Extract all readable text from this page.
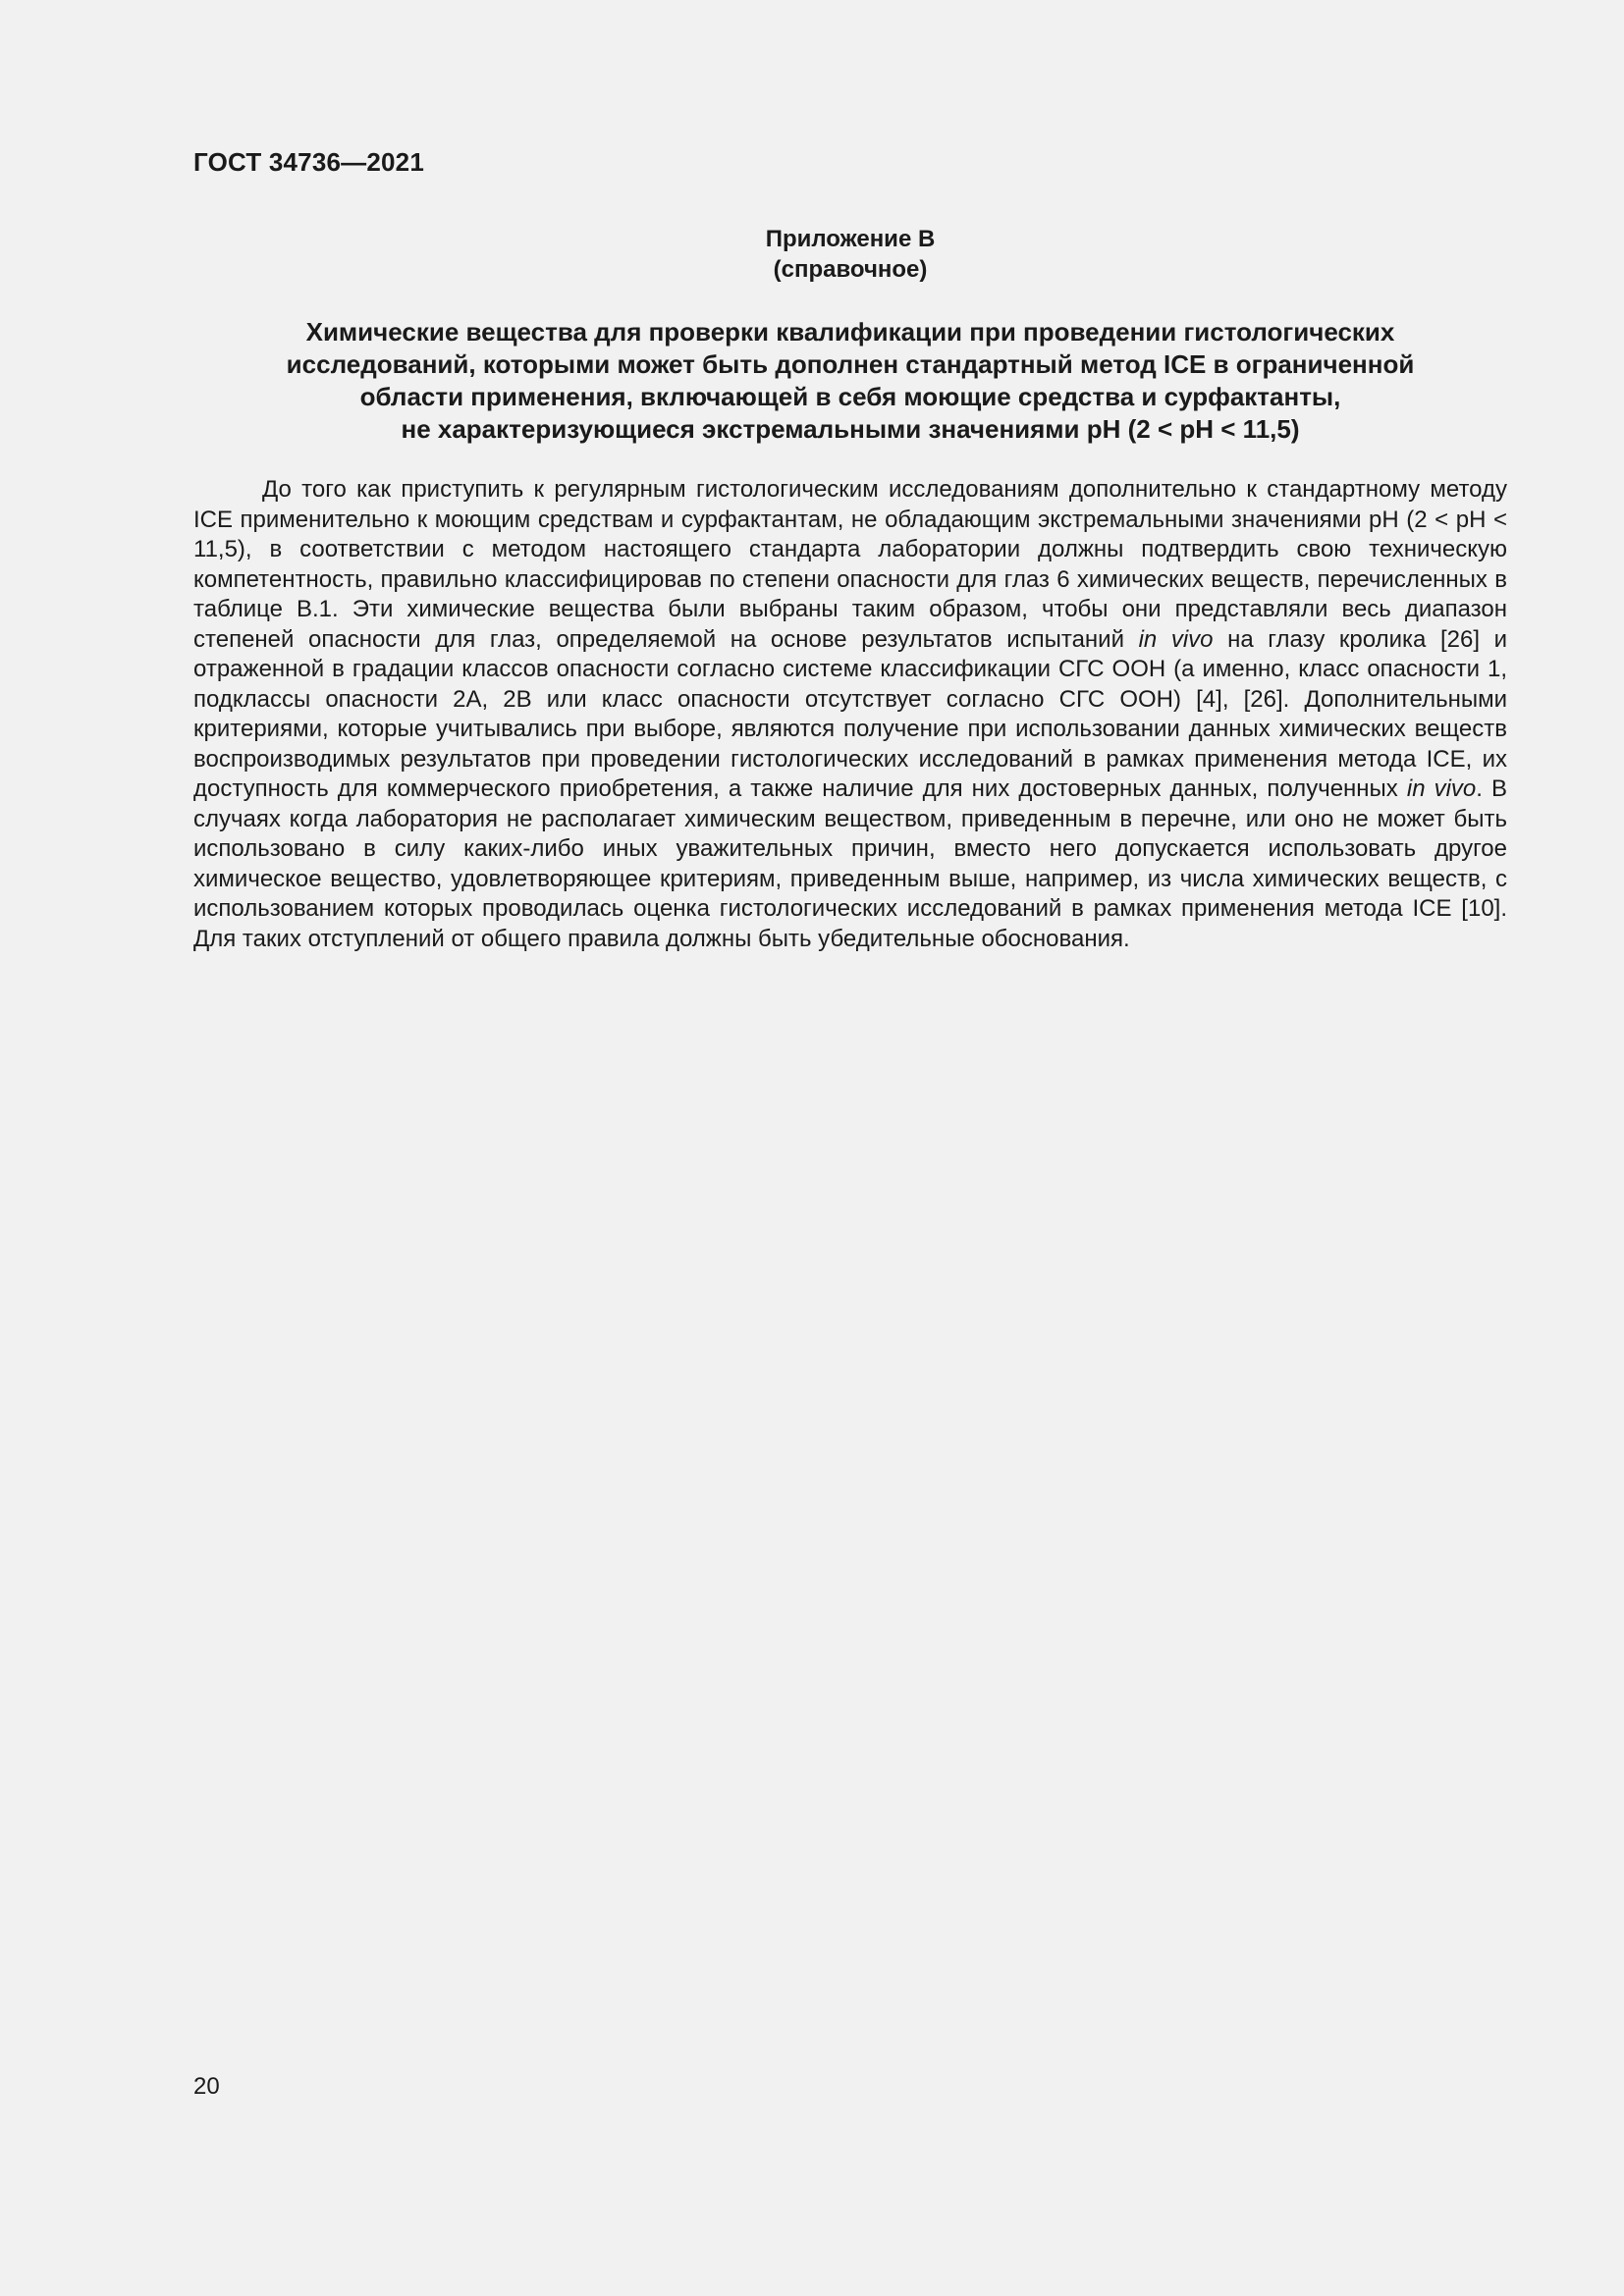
ГОСТ 34736—2021
Приложение В
(справочное)
Химические вещества для проверки квалификации при проведении гистологических
исследований, которыми может быть дополнен стандартный метод ICE в ограниченной
области применения, включающей в себя моющие средства и сурфактанты,
не характеризующиеся экстремальными значениями pH (2 < pH < 11,5)

До того как приступить к регулярным гистологическим исследованиям дополнительно к стандартному методу ICE применительно к моющим средствам и сурфактантам, не обладающим экстремальными значениями pH (2 < pH < 11,5), в соответствии с методом настоящего стандарта лаборатории должны подтвердить свою техническую компетентность, правильно классифицировав по степени опасности для глаз 6 химических веществ, перечисленных в таблице В.1. Эти химические вещества были выбраны таким образом, чтобы они представляли весь диапазон степеней опасности для глаз, определяемой на основе результатов испытаний in vivo на глазу кролика [26] и отраженной в градации классов опасности согласно системе классификации СГС ООН (а именно, класс опасности 1, подклассы опасности 2А, 2В или класс опасности отсутствует согласно СГС ООН) [4], [26]. Дополнительными критериями, которые учитывались при выборе, являются получение при использовании данных химических веществ воспроизводимых результатов при проведении гистологических исследований в рамках применения метода ICE, их доступность для коммерческого приобретения, а также наличие для них достоверных данных, полученных in vivo. В случаях когда лаборатория не располагает химическим веществом, приведенным в перечне, или оно не может быть использовано в силу каких-либо иных уважительных причин, вместо него допускается использовать другое химическое вещество, удовлетворяющее критериям, приведенным выше, например, из числа химических веществ, с использованием которых проводилась оценка гистологических исследований в рамках применения метода ICE [10]. Для таких отступлений от общего правила должны быть убедительные обоснования.

20
